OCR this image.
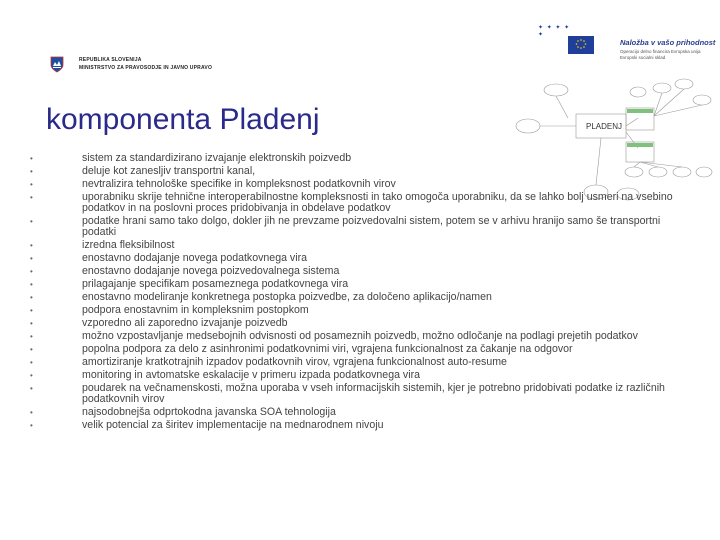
REPUBLIKA SLOVENIJA
MINISTRSTVO ZA PRAVOSODJE IN JAVNO UPRAVO
✦ ✦ ✦ ✦ ✦
Naložba v vašo prihodnost
Operacijo delno financira Evropska unija Evropski socialni sklad
komponenta Pladenj	PLADENJ
•	sistem za standardizirano izvajanje elektronskih poizvedb
•	deluje kot zanesljiv transportni kanal,
•	nevtralizira tehnološke specifike in kompleksnost podatkovnih virov
•	uporabniku skrije tehnične interoperabilnostne kompleksnosti in tako omogoča uporabniku, da se lahko bolj usmeri na vsebino podatkov in na poslovni proces pridobivanja in obdelave podatkov
•	podatke hrani samo tako dolgo, dokler jih ne prevzame poizvedovalni sistem, potem se v arhivu hranijo samo še transportni podatki
•	izredna fleksibilnost
•	enostavno dodajanje novega podatkovnega vira
•	enostavno dodajanje novega poizvedovalnega sistema
•	prilagajanje specifikam posameznega podatkovnega vira
•	enostavno modeliranje konkretnega postopka poizvedbe, za določeno aplikacijo/namen
•	podpora enostavnim in kompleksnim postopkom
•	vzporedno ali zaporedno izvajanje poizvedb
•	možno vzpostavljanje medsebojnih odvisnosti od posameznih poizvedb, možno odločanje na podlagi prejetih podatkov
•	popolna podpora za delo z asinhronimi podatkovnimi viri, vgrajena funkcionalnost za čakanje na odgovor
•	amortiziranje kratkotrajnih izpadov podatkovnih virov, vgrajena funkcionalnost auto-resume
•	monitoring in avtomatske eskalacije v primeru izpada podatkovnega vira
•	poudarek na večnamenskosti, možna uporaba v vseh informacijskih sistemih, kjer je potrebno pridobivati podatke iz različnih podatkovnih virov
•	najsodobnejša odprtokodna javanska SOA tehnologija
•	velik potencial za širitev implementacije na mednarodnem nivoju
